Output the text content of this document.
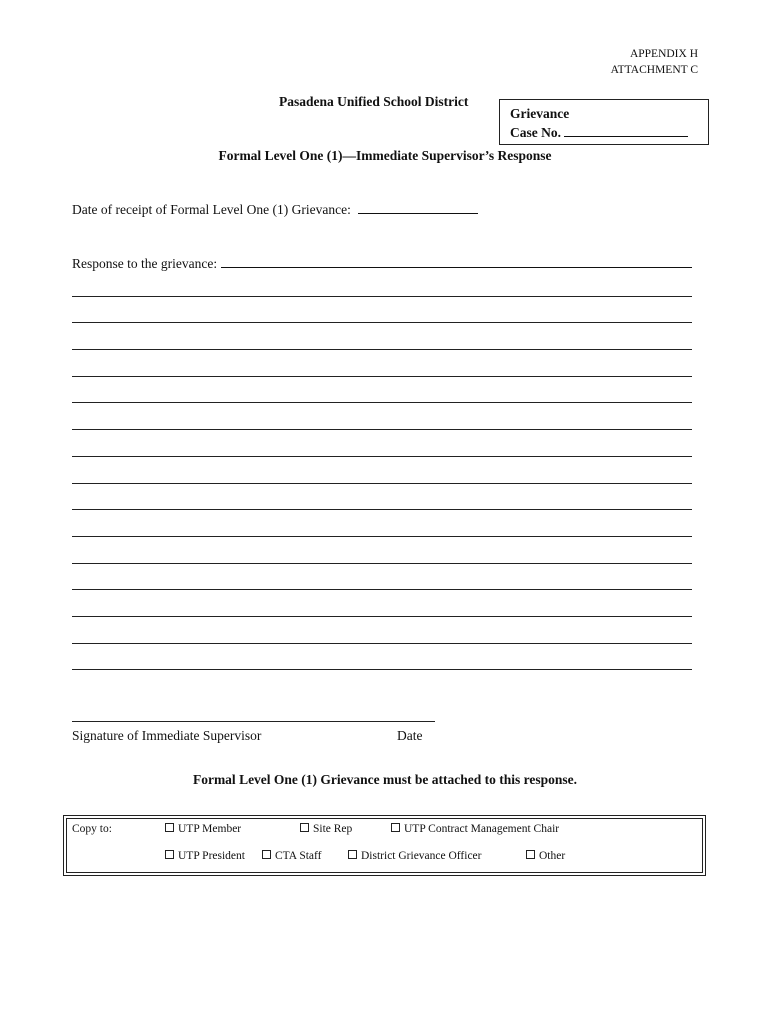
APPENDIX H
ATTACHMENT C
Pasadena Unified School District
Grievance
Case No.
Formal Level One (1)—Immediate Supervisor’s Response
Date of receipt of Formal Level One (1) Grievance:
Response to the grievance:
Signature of Immediate Supervisor	Date
Formal Level One (1) Grievance must be attached to this response.
Copy to:	UTP Member	Site Rep	UTP Contract Management Chair
UTP President	CTA Staff	District Grievance Officer	Other
